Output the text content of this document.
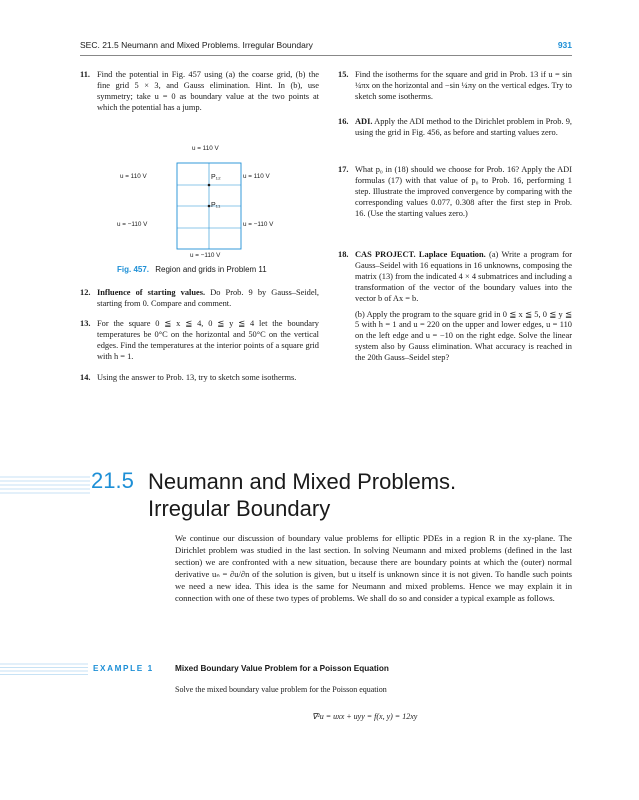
SEC. 21.5 Neumann and Mixed Problems. Irregular Boundary	931
11. Find the potential in Fig. 457 using (a) the coarse grid, (b) the fine grid 5 × 3, and Gauss elimination. Hint. In (b), use symmetry; take u = 0 as boundary value at the two points at which the potential has a jump.
u = 110 V
u = 110 V	u = 110 V
u = −110 V	u = −110 V
u = −110 V
P₁₂
P₁₁
Fig. 457. Region and grids in Problem 11
12. Influence of starting values. Do Prob. 9 by Gauss–Seidel, starting from 0. Compare and comment.
13. For the square 0 ≦ x ≦ 4, 0 ≦ y ≦ 4 let the boundary temperatures be 0°C on the horizontal and 50°C on the vertical edges. Find the temperatures at the interior points of a square grid with h = 1.
14. Using the answer to Prob. 13, try to sketch some isotherms.
15. Find the isotherms for the square and grid in Prob. 13 if u = sin ¼πx on the horizontal and −sin ¼πy on the vertical edges. Try to sketch some isotherms.
16. ADI. Apply the ADI method to the Dirichlet problem in Prob. 9, using the grid in Fig. 456, as before and starting values zero.
17. What p₀ in (18) should we choose for Prob. 16? Apply the ADI formulas (17) with that value of p₀ to Prob. 16, performing 1 step. Illustrate the improved convergence by comparing with the corresponding values 0.077, 0.308 after the first step in Prob. 16. (Use the starting values zero.)
18. CAS PROJECT. Laplace Equation. (a) Write a program for Gauss–Seidel with 16 equations in 16 unknowns, composing the matrix (13) from the indicated 4 × 4 submatrices and including a transformation of the vector of the boundary values into the vector b of Ax = b.
(b) Apply the program to the square grid in 0 ≦ x ≦ 5, 0 ≦ y ≦ 5 with h = 1 and u = 220 on the upper and lower edges, u = 110 on the left edge and u = −10 on the right edge. Solve the linear system also by Gauss elimination. What accuracy is reached in the 20th Gauss–Seidel step?
21.5 Neumann and Mixed Problems.
Irregular Boundary
We continue our discussion of boundary value problems for elliptic PDEs in a region R in the xy-plane. The Dirichlet problem was studied in the last section. In solving Neumann and mixed problems (defined in the last section) we are confronted with a new situation, because there are boundary points at which the (outer) normal derivative uₙ = ∂u/∂n of the solution is given, but u itself is unknown since it is not given. To handle such points we need a new idea. This idea is the same for Neumann and mixed problems. Hence we may explain it in connection with one of these two types of problems. We shall do so and consider a typical example as follows.
EXAMPLE 1	Mixed Boundary Value Problem for a Poisson Equation
Solve the mixed boundary value problem for the Poisson equation
∇²u = uxx + uyy = f(x, y) = 12xy
